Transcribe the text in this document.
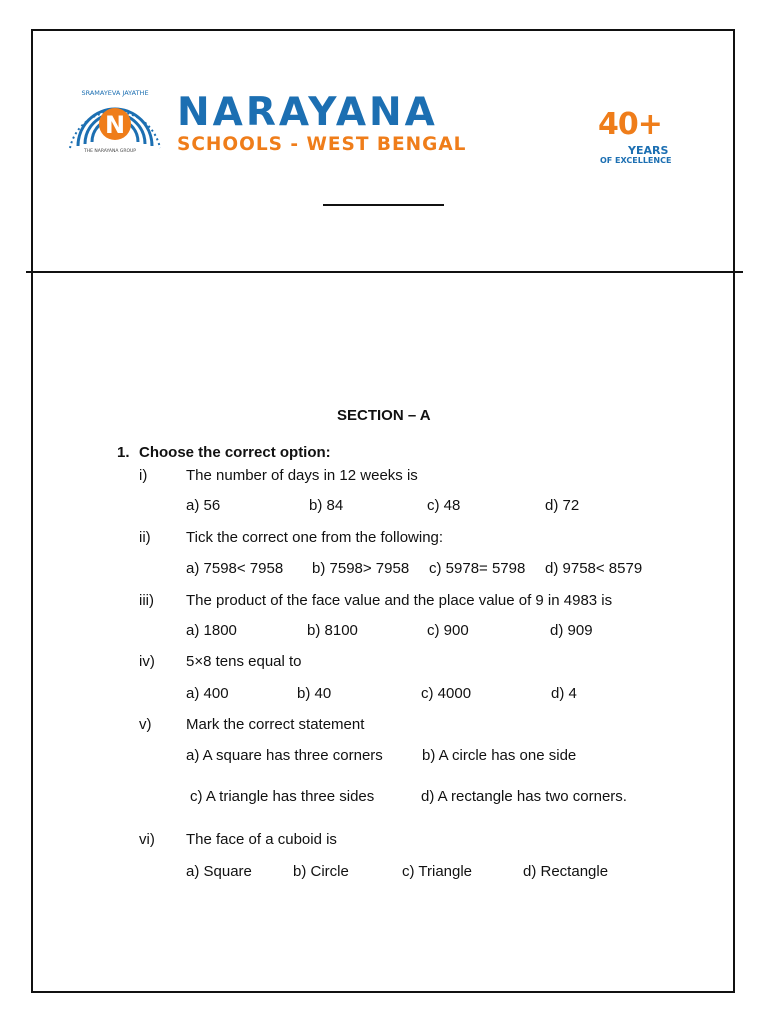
N
SRAMAYEVA JAYATHE
THE NARAYANA GROUP
NARAYANA
SCHOOLS - WEST BENGAL
40+
YEARS
OF EXCELLENCE
SECTION – A
1. Choose the correct option:
i)	The number of days in 12 weeks is
a) 56	b) 84	c) 48	d) 72
ii) Tick the correct one from the following:
a) 7598< 7958 b) 7598> 7958 c) 5978= 5798 d) 9758< 8579
iii) The product of the face value and the place value of 9 in 4983 is
a) 1800	b) 8100	c) 900	d) 909
iv) 5×8 tens equal to
a) 400	b) 40	c) 4000	d) 4
v) Mark the correct statement
a) A square has three corners	b) A circle has one side
c) A triangle has three sides	d) A rectangle has two corners.
vi) The face of a cuboid is
a) Square	b) Circle	c) Triangle	d) Rectangle
